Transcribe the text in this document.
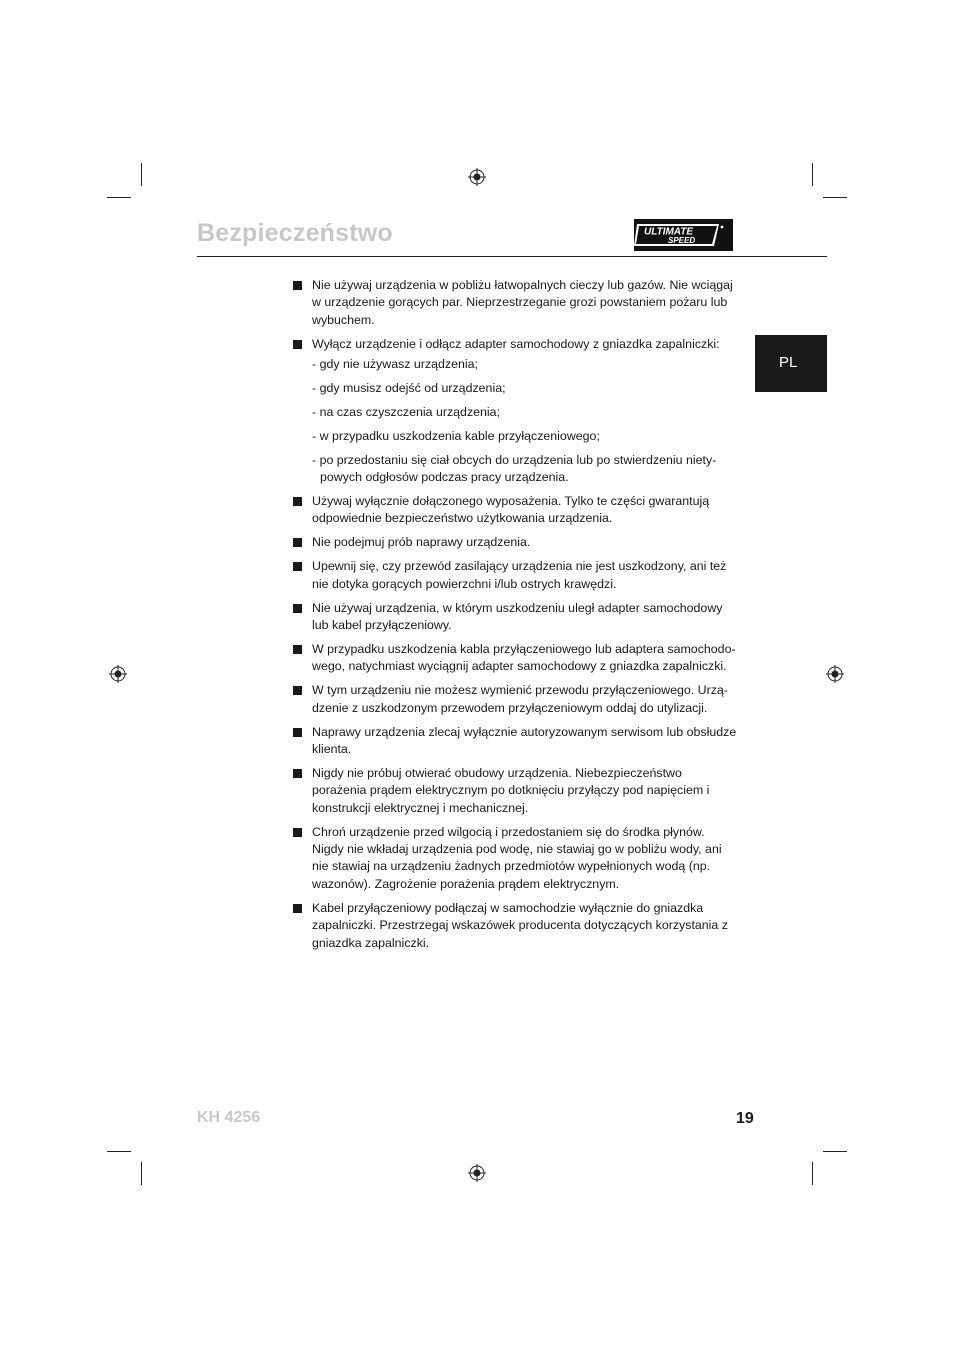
Bezpieczeństwo	ULTIMATE
SPEED
PL

Nie używaj urządzenia w pobliżu łatwopalnych cieczy lub gazów. Nie wciągaj w urządzenie gorących par. Nieprzestrzeganie grozi powstaniem pożaru lub wybuchem.

Wyłącz urządzenie i odłącz adapter samochodowy z gniazdka zapalniczki:

- gdy nie używasz urządzenia;
- gdy musisz odejść od urządzenia;
- na czas czyszczenia urządzenia;
- w przypadku uszkodzenia kable przyłączeniowego;
- po przedostaniu się ciał obcych do urządzenia lub po stwierdzeniu niety-powych odgłosów podczas pracy urządzenia.

Używaj wyłącznie dołączonego wyposażenia. Tylko te części gwarantują odpowiednie bezpieczeństwo użytkowania urządzenia.

Nie podejmuj prób naprawy urządzenia.

Upewnij się, czy przewód zasilający urządzenia nie jest uszkodzony, ani też nie dotyka gorących powierzchni i/lub ostrych krawędzi.

Nie używaj urządzenia, w którym uszkodzeniu uległ adapter samochodowy lub kabel przyłączeniowy.

W przypadku uszkodzenia kabla przyłączeniowego lub adaptera samochodo-wego, natychmiast wyciągnij adapter samochodowy z gniazdka zapalniczki.

W tym urządzeniu nie możesz wymienić przewodu przyłączeniowego. Urzą-dzenie z uszkodzonym przewodem przyłączeniowym oddaj do utylizacji.

Naprawy urządzenia zlecaj wyłącznie autoryzowanym serwisom lub obsłudze klienta.

Nigdy nie próbuj otwierać obudowy urządzenia. Niebezpieczeństwo porażenia prądem elektrycznym po dotknięciu przyłączy pod napięciem i konstrukcji elektrycznej i mechanicznej.

Chroń urządzenie przed wilgocią i przedostaniem się do środka płynów. Nigdy nie wkładaj urządzenia pod wodę, nie stawiaj go w pobliżu wody, ani nie stawiaj na urządzeniu żadnych przedmiotów wypełnionych wodą (np. wazonów). Zagrożenie porażenia prądem elektrycznym.

Kabel przyłączeniowy podłączaj w samochodzie wyłącznie do gniazdka zapalniczki. Przestrzegaj wskazówek producenta dotyczących korzystania z gniazdka zapalniczki.

KH 4256	19
